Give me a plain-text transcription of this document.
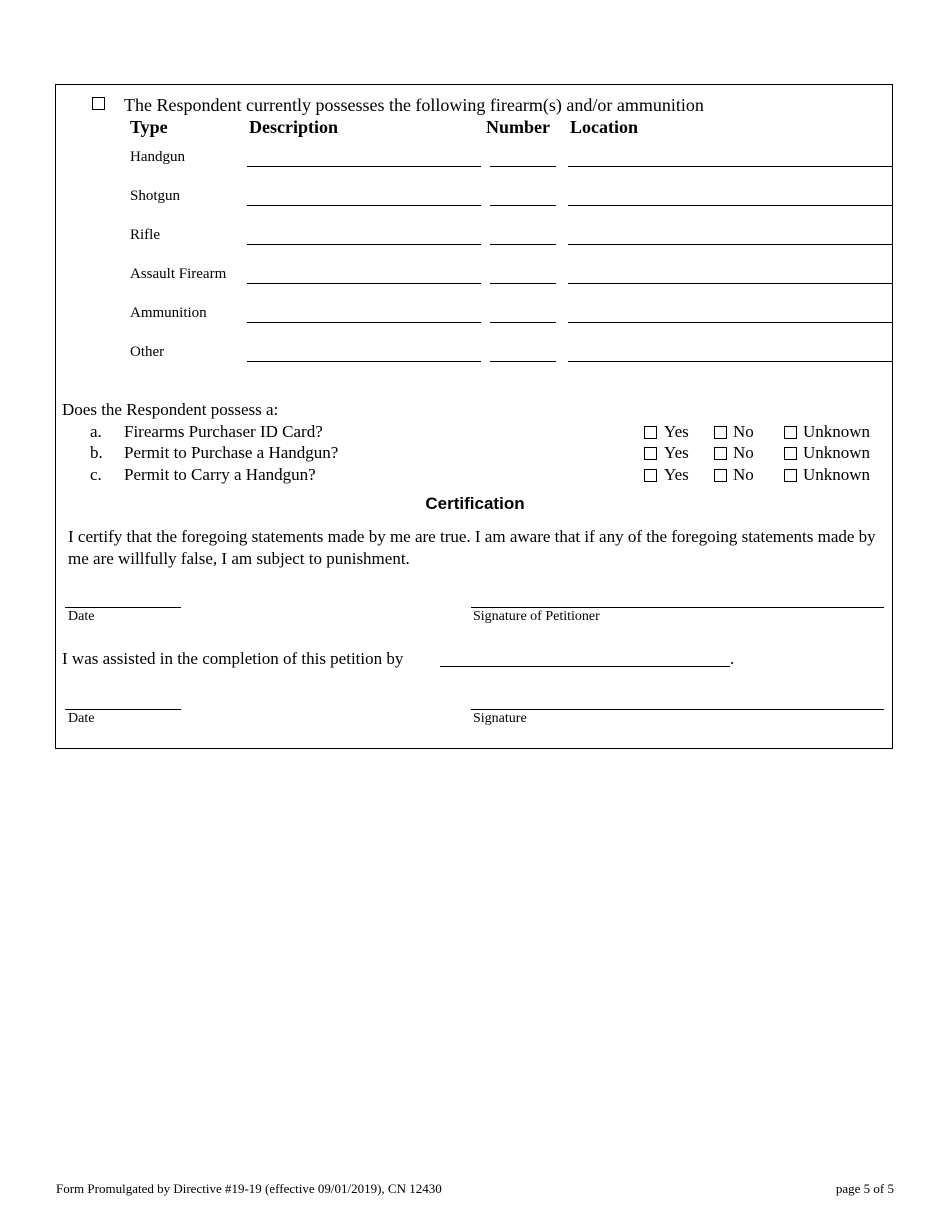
The Respondent currently possesses the following firearm(s) and/or ammunition
Type	Description	Number Location
Handgun
Shotgun
Rifle
Assault Firearm
Ammunition
Other
Does the Respondent possess a:
a. Firearms Purchaser ID Card?	Yes	No	Unknown
b. Permit to Purchase a Handgun?	Yes	No	Unknown
c. Permit to Carry a Handgun?	Yes	No	Unknown
Certification
I certify that the foregoing statements made by me are true. I am aware that if any of the foregoing statements made by me are willfully false, I am subject to punishment.
Date	Signature of Petitioner
I was assisted in the completion of this petition by	.
Date	Signature
Form Promulgated by Directive #19-19 (effective 09/01/2019), CN 12430	page 5 of 5
